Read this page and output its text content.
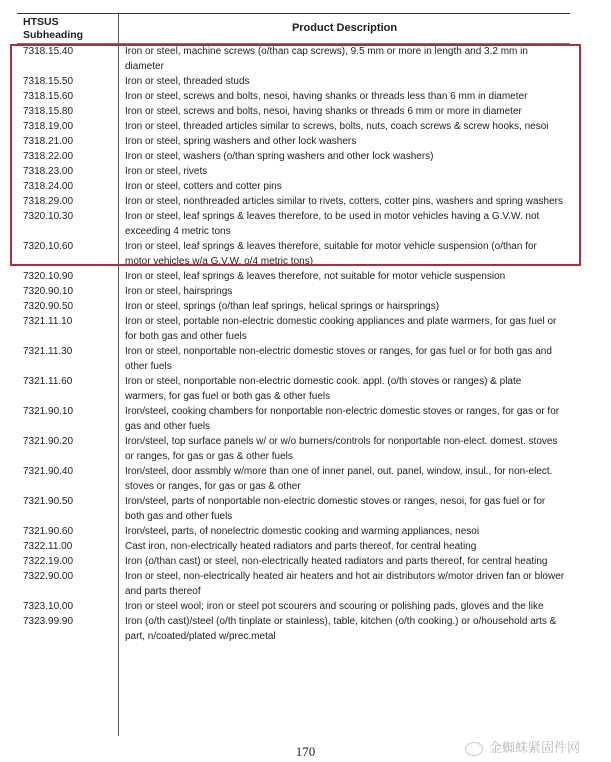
HTSUS Subheading
Product Description
7318.15.40	Iron or steel, machine screws (o/than cap screws), 9.5 mm or more in length and 3.2 mm in diameter
7318.15.50	Iron or steel, threaded studs
7318.15.60	Iron or steel, screws and bolts, nesoi, having shanks or threads less than 6 mm in diameter
7318.15.80	Iron or steel, screws and bolts, nesoi, having shanks or threads 6 mm or more in diameter
7318.19.00	Iron or steel, threaded articles similar to screws, bolts, nuts, coach screws & screw hooks, nesoi
7318.21.00	Iron or steel, spring washers and other lock washers
7318.22.00	Iron or steel, washers (o/than spring washers and other lock washers)
7318.23.00	Iron or steel, rivets
7318.24.00	Iron or steel, cotters and cotter pins
7318.29.00	Iron or steel, nonthreaded articles similar to rivets, cotters, cotter pins, washers and spring washers
7320.10.30	Iron or steel, leaf springs & leaves therefore, to be used in motor vehicles having a G.V.W. not exceeding 4 metric tons
7320.10.60	Iron or steel, leaf springs & leaves therefore, suitable for motor vehicle suspension (o/than for motor vehicles w/a G.V.W. o/4 metric tons)
7320.10.90	Iron or steel, leaf springs & leaves therefore, not suitable for motor vehicle suspension
7320.90.10	Iron or steel, hairsprings
7320.90.50	Iron or steel, springs (o/than leaf springs, helical springs or hairsprings)
7321.11.10	Iron or steel, portable non-electric domestic cooking appliances and plate warmers, for gas fuel or for both gas and other fuels
7321.11.30	Iron or steel, nonportable non-electric domestic stoves or ranges, for gas fuel or for both gas and other fuels
7321.11.60	Iron or steel, nonportable non-electric domestic cook. appl. (o/th stoves or ranges) & plate warmers, for gas fuel or both gas & other fuels
7321.90.10	Iron/steel, cooking chambers for nonportable non-electric domestic stoves or ranges, for gas or for gas and other fuels
7321.90.20	Iron/steel, top surface panels w/ or w/o burners/controls for nonportable non-elect. domest. stoves or ranges, for gas or gas & other fuels
7321.90.40	Iron/steel, door assmbly w/more than one of inner panel, out. panel, window, insul., for non-elect. stoves or ranges, for gas or gas & other
7321.90.50	Iron/steel, parts of nonportable non-electric domestic stoves or ranges, nesoi, for gas fuel or for both gas and other fuels
7321.90.60	Iron/steel, parts, of nonelectric domestic cooking and warming appliances, nesoi
7322.11.00	Cast iron, non-electrically heated radiators and parts thereof, for central heating
7322.19.00	Iron (o/than cast) or steel, non-electrically heated radiators and parts thereof, for central heating
7322.90.00	Iron or steel, non-electrically heated air heaters and hot air distributors w/motor driven fan or blower and parts thereof
7323.10.00	Iron or steel wool; iron or steel pot scourers and scouring or polishing pads, gloves and the like
7323.99.90	Iron (o/th cast)/steel (o/th tinplate or stainless), table, kitchen (o/th cooking.) or o/household arts & part, n/coated/plated w/prec.metal
170	金蜘蛛紧固件网
